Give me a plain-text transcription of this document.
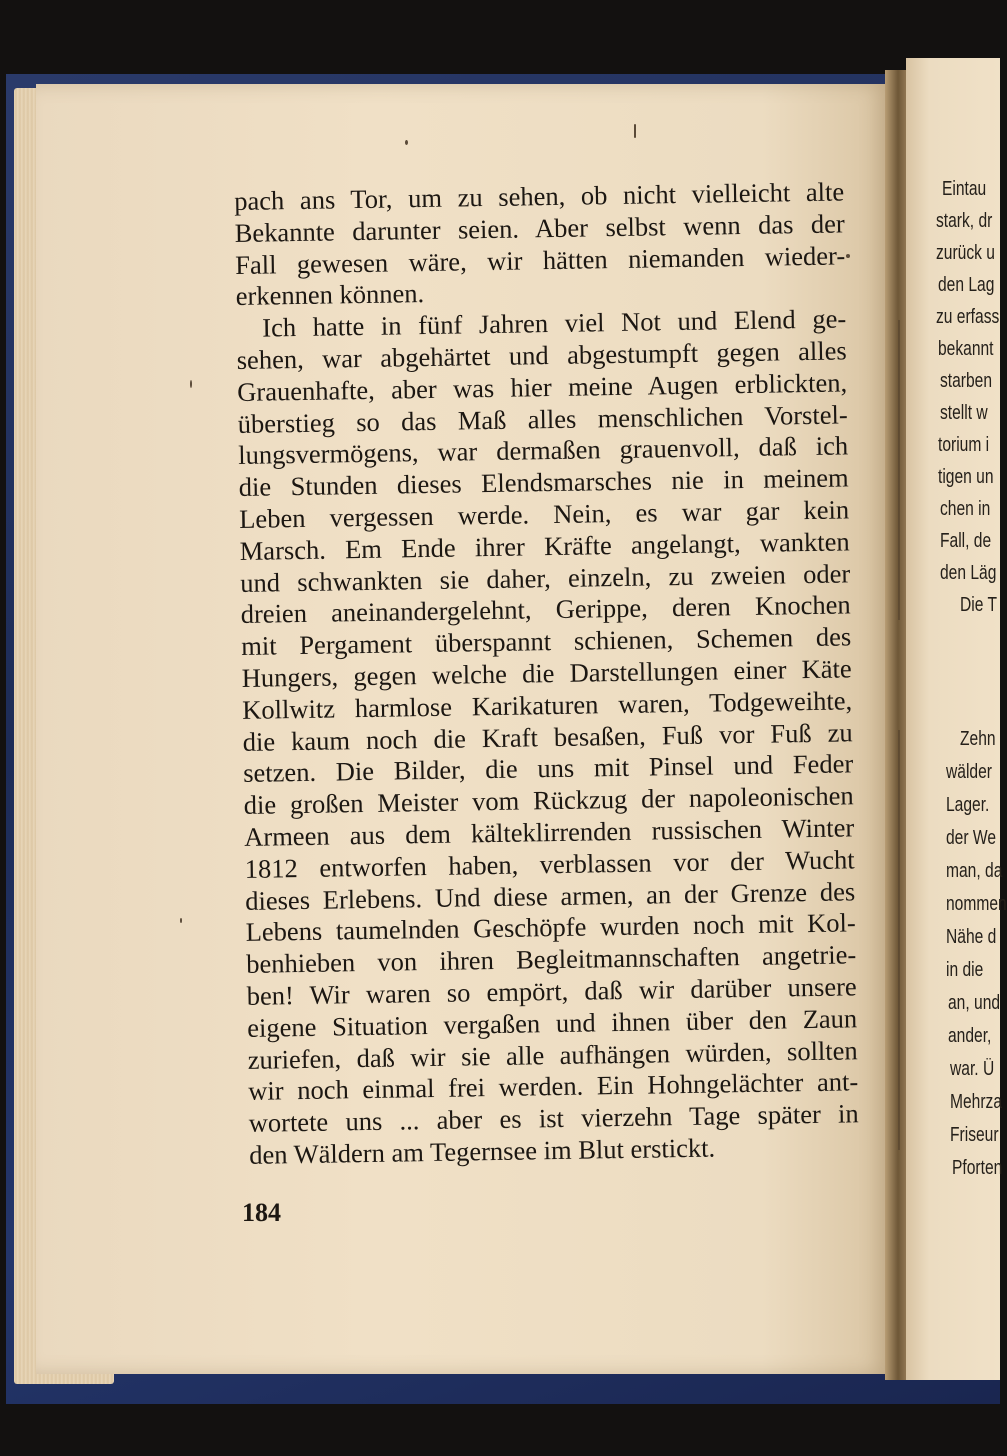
Eintau
stark, dr
zurück u
den Lag
zu erfass
bekannt
starben
stellt w
torium i
tigen un
chen in
Fall, de
den Läg
Die T
Zehn
wälder
Lager.
der We
man, da
nommen
Nähe d
in die
an, und
ander,
war. Ü
Mehrza
Friseur
Pforten
pach ans Tor, um zu sehen, ob nicht vielleicht alte
Bekannte darunter seien. Aber selbst wenn das der
Fall gewesen wäre, wir hätten niemanden wieder-
erkennen können.
Ich hatte in fünf Jahren viel Not und Elend ge-
sehen, war abgehärtet und abgestumpft gegen alles
Grauenhafte, aber was hier meine Augen erblickten,
überstieg so das Maß alles menschlichen Vorstel-
lungsvermögens, war dermaßen grauenvoll, daß ich
die Stunden dieses Elendsmarsches nie in meinem
Leben vergessen werde. Nein, es war gar kein
Marsch. Em Ende ihrer Kräfte angelangt, wankten
und schwankten sie daher, einzeln, zu zweien oder
dreien aneinandergelehnt, Gerippe, deren Knochen
mit Pergament überspannt schienen, Schemen des
Hungers, gegen welche die Darstellungen einer Käte
Kollwitz harmlose Karikaturen waren, Todgeweihte,
die kaum noch die Kraft besaßen, Fuß vor Fuß zu
setzen. Die Bilder, die uns mit Pinsel und Feder
die großen Meister vom Rückzug der napoleonischen
Armeen aus dem kälteklirrenden russischen Winter
1812 entworfen haben, verblassen vor der Wucht
dieses Erlebens. Und diese armen, an der Grenze des
Lebens taumelnden Geschöpfe wurden noch mit Kol-
benhieben von ihren Begleitmannschaften angetrie-
ben! Wir waren so empört, daß wir darüber unsere
eigene Situation vergaßen und ihnen über den Zaun
zuriefen, daß wir sie alle aufhängen würden, sollten
wir noch einmal frei werden. Ein Hohngelächter ant-
wortete uns ... aber es ist vierzehn Tage später in
den Wäldern am Tegernsee im Blut erstickt.
184
